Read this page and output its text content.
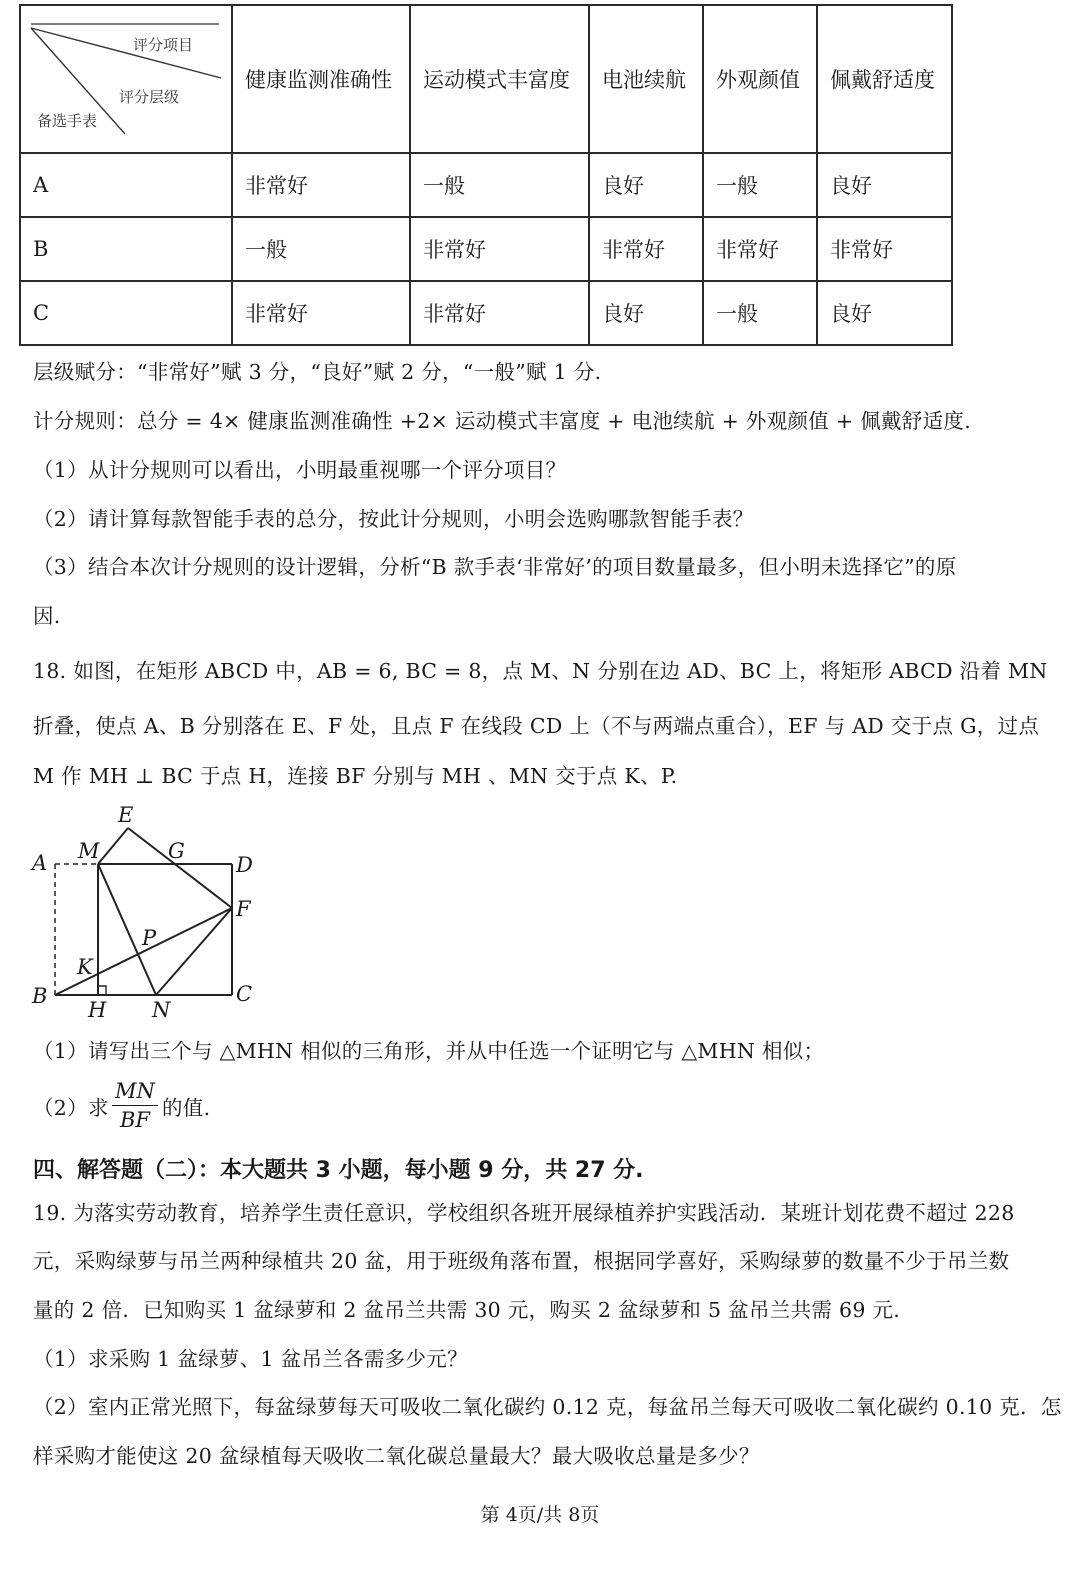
评分项目
评分层级
备选手表	健康监测准确性	运动模式丰富度	电池续航	外观颜值	佩戴舒适度
A	非常好	一般	良好	一般	良好
B	一般	非常好	非常好	非常好	非常好
C	非常好	非常好	良好	一般	良好
层级赋分：“非常好”赋 3 分，“良好”赋 2 分，“一般”赋 1 分.
计分规则：总分 = 4× 健康监测准确性 +2× 运动模式丰富度 + 电池续航 + 外观颜值 + 佩戴舒适度.
（1）从计分规则可以看出，小明最重视哪一个评分项目？
（2）请计算每款智能手表的总分，按此计分规则，小明会选购哪款智能手表？
（3）结合本次计分规则的设计逻辑，分析“B 款手表‘非常好’的项目数量最多，但小明未选择它”的原
因.
18. 如图，在矩形 ABCD 中，AB = 6, BC = 8，点 M、N 分别在边 AD、BC 上，将矩形 ABCD 沿着 MN
折叠，使点 A、B 分别落在 E、F 处，且点 F 在线段 CD 上（不与两端点重合），EF 与 AD 交于点 G，过点
M 作 MH ⊥ BC 于点 H，连接 BF 分别与 MH 、MN 交于点 K、P.
E
A M	G
D
F
P
K
B	C
H N
（1）请写出三个与 △MHN 相似的三角形，并从中任选一个证明它与 △MHN 相似；
（2）求
MN
BF 的值.
四、解答题（二）：本大题共 3 小题，每小题 9 分，共 27 分.
19. 为落实劳动教育，培养学生责任意识，学校组织各班开展绿植养护实践活动．某班计划花费不超过 228
元，采购绿萝与吊兰两种绿植共 20 盆，用于班级角落布置，根据同学喜好，采购绿萝的数量不少于吊兰数
量的 2 倍．已知购买 1 盆绿萝和 2 盆吊兰共需 30 元，购买 2 盆绿萝和 5 盆吊兰共需 69 元.
（1）求采购 1 盆绿萝、1 盆吊兰各需多少元？
（2）室内正常光照下，每盆绿萝每天可吸收二氧化碳约 0.12 克，每盆吊兰每天可吸收二氧化碳约 0.10 克．怎
样采购才能使这 20 盆绿植每天吸收二氧化碳总量最大？最大吸收总量是多少？
第 4页/共 8页
